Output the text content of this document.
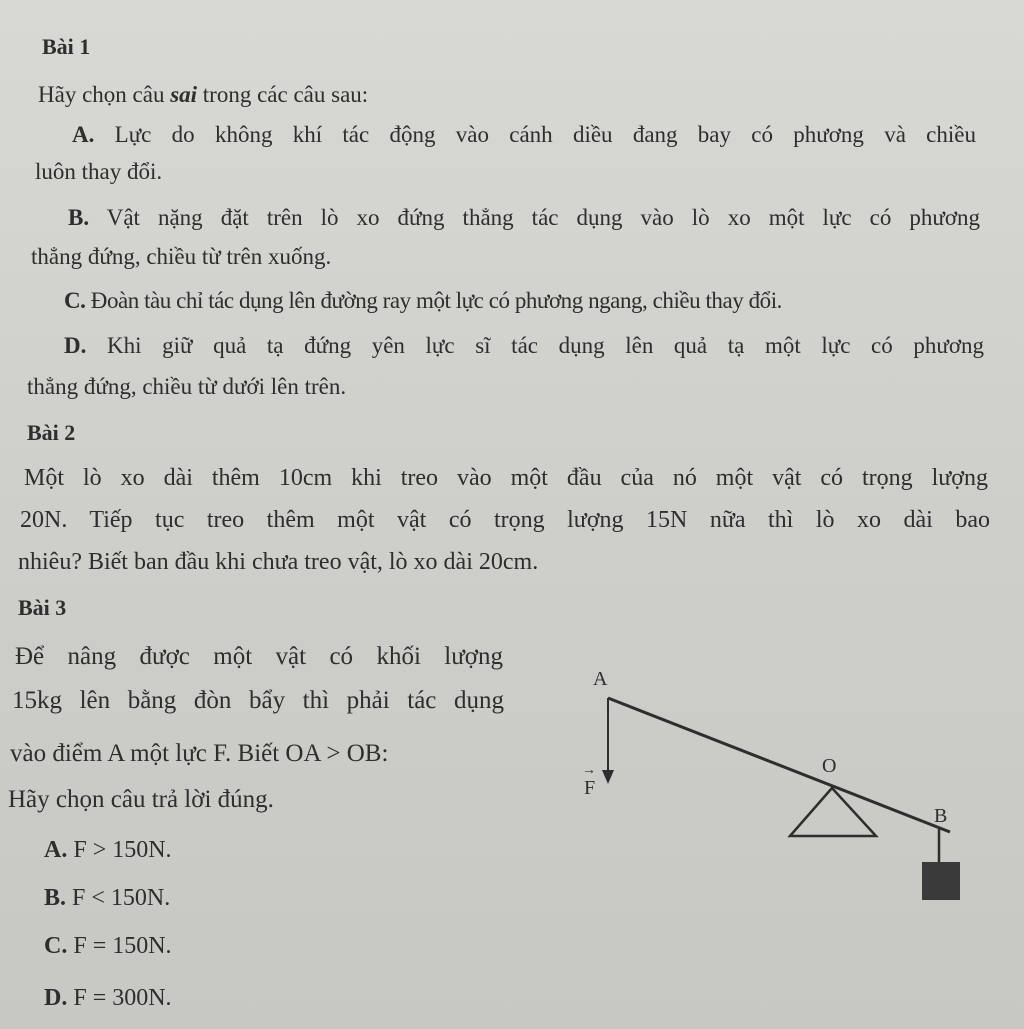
Bài 1
Hãy chọn câu sai trong các câu sau:
A. Lực do không khí tác động vào cánh diều đang bay có phương và chiều
luôn thay đổi.
B. Vật nặng đặt trên lò xo đứng thẳng tác dụng vào lò xo một lực có phương
thẳng đứng, chiều từ trên xuống.
C. Đoàn tàu chỉ tác dụng lên đường ray một lực có phương ngang, chiều thay đổi.
D. Khi giữ quả tạ đứng yên lực sĩ tác dụng lên quả tạ một lực có phương
thẳng đứng, chiều từ dưới lên trên.
Bài 2
Một lò xo dài thêm 10cm khi treo vào một đầu của nó một vật có trọng lượng
20N. Tiếp tục treo thêm một vật có trọng lượng 15N nữa thì lò xo dài bao
nhiêu? Biết ban đầu khi chưa treo vật, lò xo dài 20cm.
Bài 3
Để nâng được một vật có khối lượng
15kg lên bằng đòn bẩy thì phải tác dụng
vào điểm A một lực F. Biết OA > OB:
Hãy chọn câu trả lời đúng.
A. F > 150N.
B. F < 150N.
C. F = 150N.
D. F = 300N.
A
O
B
F
→
